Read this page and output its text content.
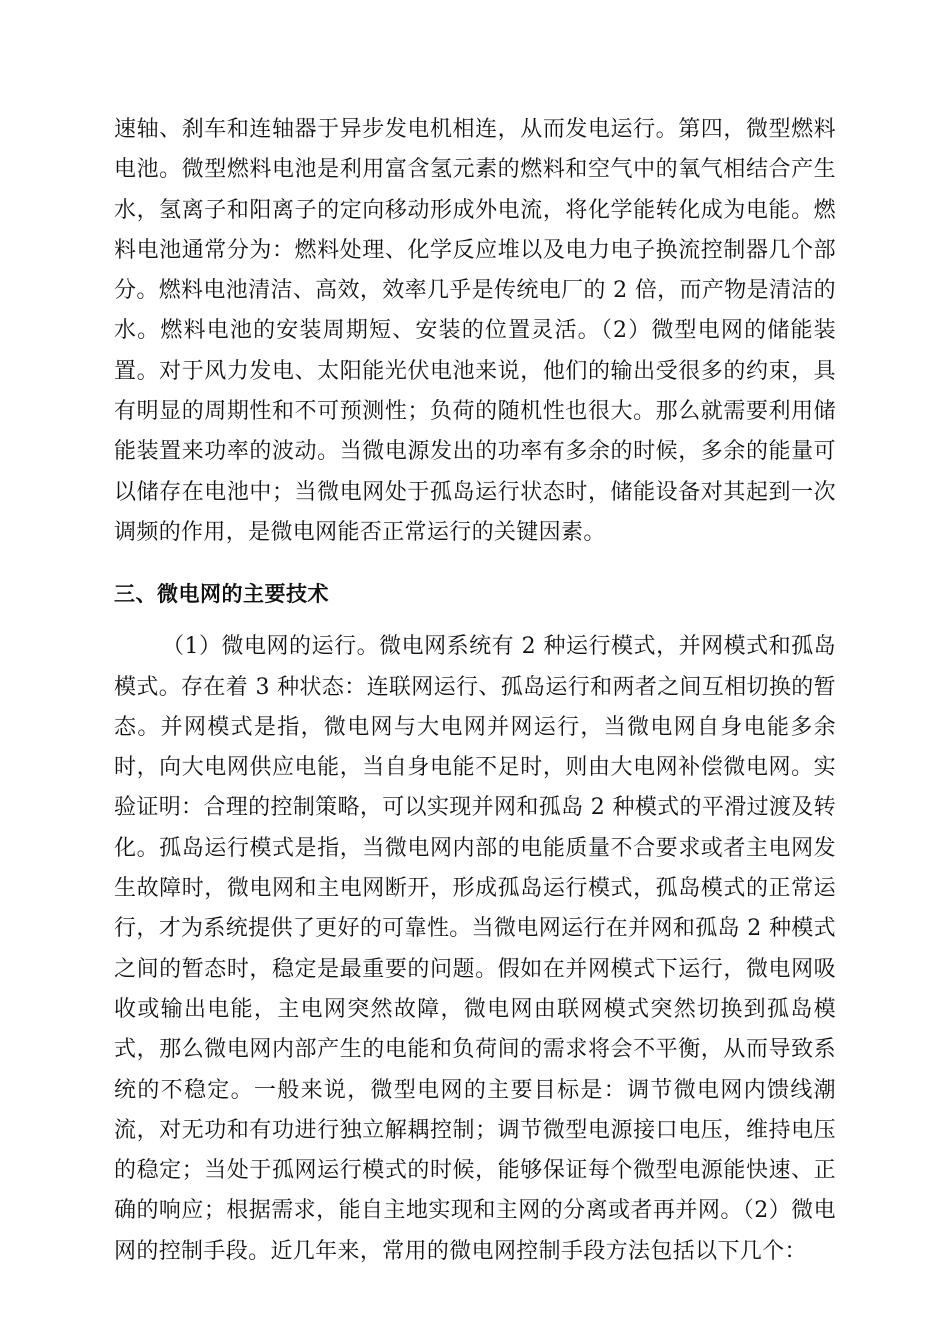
速轴、刹车和连轴器于异步发电机相连，从而发电运行。第四，微型燃料电池。微型燃料电池是利用富含氢元素的燃料和空气中的氧气相结合产生水，氢离子和阳离子的定向移动形成外电流，将化学能转化成为电能。燃料电池通常分为：燃料处理、化学反应堆以及电力电子换流控制器几个部分。燃料电池清洁、高效，效率几乎是传统电厂的 2 倍，而产物是清洁的水。燃料电池的安装周期短、安装的位置灵活。（2）微型电网的储能装置。对于风力发电、太阳能光伏电池来说，他们的输出受很多的约束，具有明显的周期性和不可预测性；负荷的随机性也很大。那么就需要利用储能装置来功率的波动。当微电源发出的功率有多余的时候，多余的能量可以储存在电池中；当微电网处于孤岛运行状态时，储能设备对其起到一次调频的作用，是微电网能否正常运行的关键因素。

三、微电网的主要技术

（1）微电网的运行。微电网系统有 2 种运行模式，并网模式和孤岛模式。存在着 3 种状态：连联网运行、孤岛运行和两者之间互相切换的暂态。并网模式是指，微电网与大电网并网运行，当微电网自身电能多余时，向大电网供应电能，当自身电能不足时，则由大电网补偿微电网。实验证明：合理的控制策略，可以实现并网和孤岛 2 种模式的平滑过渡及转化。孤岛运行模式是指，当微电网内部的电能质量不合要求或者主电网发生故障时，微电网和主电网断开，形成孤岛运行模式，孤岛模式的正常运行，才为系统提供了更好的可靠性。当微电网运行在并网和孤岛 2 种模式之间的暂态时，稳定是最重要的问题。假如在并网模式下运行，微电网吸收或输出电能，主电网突然故障，微电网由联网模式突然切换到孤岛模式，那么微电网内部产生的电能和负荷间的需求将会不平衡，从而导致系统的不稳定。一般来说，微型电网的主要目标是：调节微电网内馈线潮流，对无功和有功进行独立解耦控制；调节微型电源接口电压，维持电压的稳定；当处于孤网运行模式的时候，能够保证每个微型电源能快速、正确的响应；根据需求，能自主地实现和主网的分离或者再并网。（2）微电网的控制手段。近几年来，常用的微电网控制手段方法包括以下几个：
